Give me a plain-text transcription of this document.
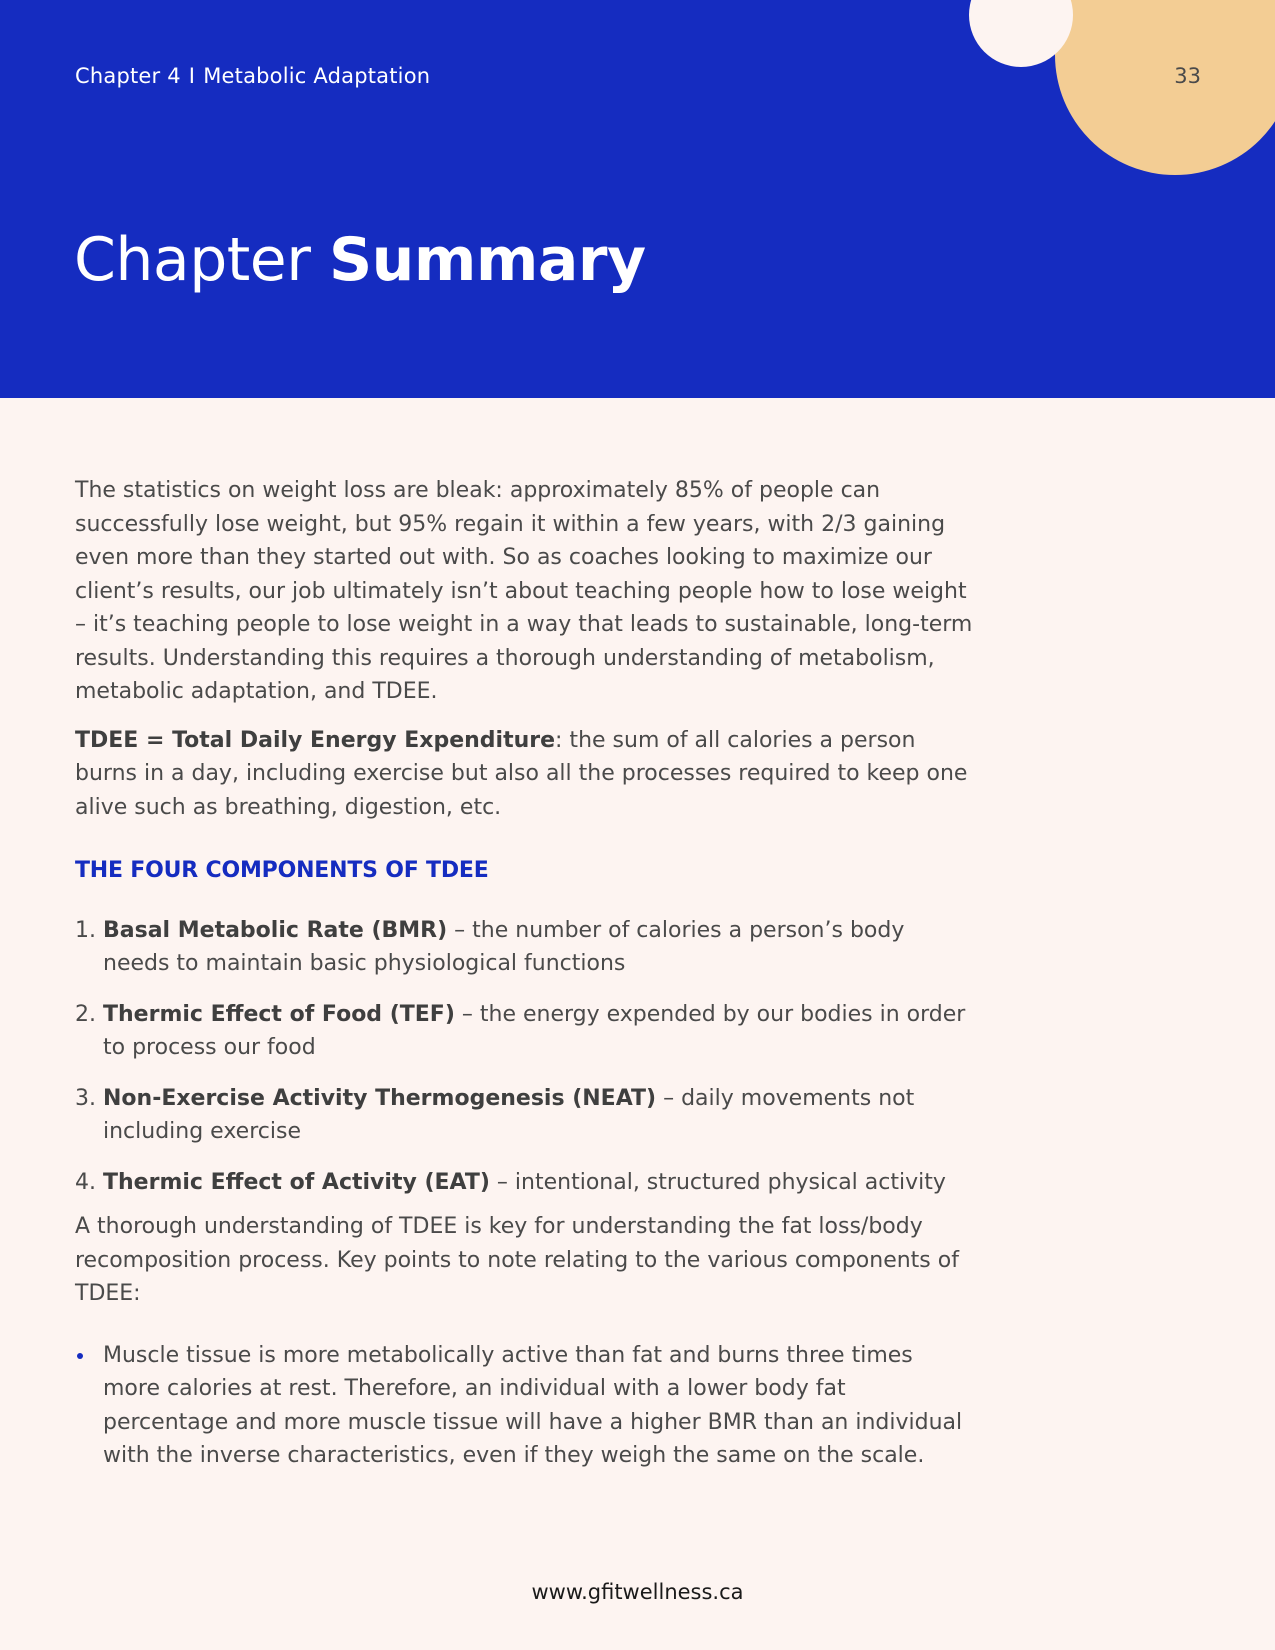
Chapter 4 I Metabolic Adaptation	33
Chapter Summary

The statistics on weight loss are bleak: approximately 85% of people can successfully lose weight, but 95% regain it within a few years, with 2/3 gaining even more than they started out with. So as coaches looking to maximize our client’s results, our job ultimately isn’t about teaching people how to lose weight – it’s teaching people to lose weight in a way that leads to sustainable, long-term results. Understanding this requires a thorough understanding of metabolism, metabolic adaptation, and TDEE.

TDEE = Total Daily Energy Expenditure: the sum of all calories a person burns in a day, including exercise but also all the processes required to keep one alive such as breathing, digestion, etc.

THE FOUR COMPONENTS OF TDEE
1. Basal Metabolic Rate (BMR) – the number of calories a person’s body needs to maintain basic physiological functions
2. Thermic Effect of Food (TEF) – the energy expended by our bodies in order to process our food
3. Non-Exercise Activity Thermogenesis (NEAT) – daily movements not including exercise
4. Thermic Effect of Activity (EAT) – intentional, structured physical activity

A thorough understanding of TDEE is key for understanding the fat loss/body recomposition process. Key points to note relating to the various components of TDEE:

Muscle tissue is more metabolically active than fat and burns three times more calories at rest. Therefore, an individual with a lower body fat percentage and more muscle tissue will have a higher BMR than an individual with the inverse characteristics, even if they weigh the same on the scale.
www.gfitwellness.ca
